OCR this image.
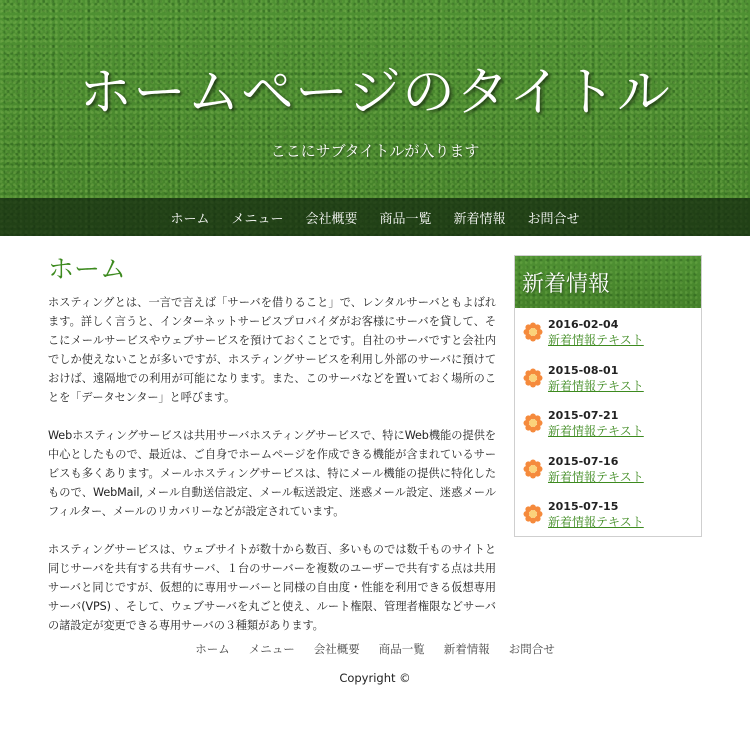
ホームページのタイトル
ここにサブタイトルが入ります
ホーム メニュー 会社概要 商品一覧 新着情報 お問合せ
ホーム

ホスティングとは、一言で言えば「サーバを借りること」で、レンタルサーバともよばれます。詳しく言うと、インターネットサービスプロバイダがお客様にサーバを貸して、そこにメールサービスやウェブサービスを預けておくことです。自社のサーバですと会社内でしか使えないことが多いですが、ホスティングサービスを利用し外部のサーバに預けておけば、遠隔地での利用が可能になります。また、このサーバなどを置いておく場所のことを「データセンター」と呼びます。

Webホスティングサービスは共用サーバホスティングサービスで、特にWeb機能の提供を中心としたもので、最近は、ご自身でホームページを作成できる機能が含まれているサービスも多くあります。メールホスティングサービスは、特にメール機能の提供に特化したもので、WebMail, メール自動送信設定、メール転送設定、迷惑メール設定、迷惑メールフィルター、メールのリカバリーなどが設定されています。

ホスティングサービスは、ウェブサイトが数十から数百、多いものでは数千ものサイトと同じサーバを共有する共有サーバ、１台のサーバーを複数のユーザーで共有する点は共用サーバと同じですが、仮想的に専用サーバーと同様の自由度・性能を利用できる仮想専用サーバ(VPS) 、そして、ウェブサーバを丸ごと使え、ルート権限、管理者権限などサーバの諸設定が変更できる専用サーバの３種類があります。

新着情報
2016-02-04
新着情報テキスト
2015-08-01
新着情報テキスト
2015-07-21
新着情報テキスト
2015-07-16
新着情報テキスト
2015-07-15
新着情報テキスト
ホーム メニュー 会社概要 商品一覧 新着情報 お問合せ
Copyright ©
